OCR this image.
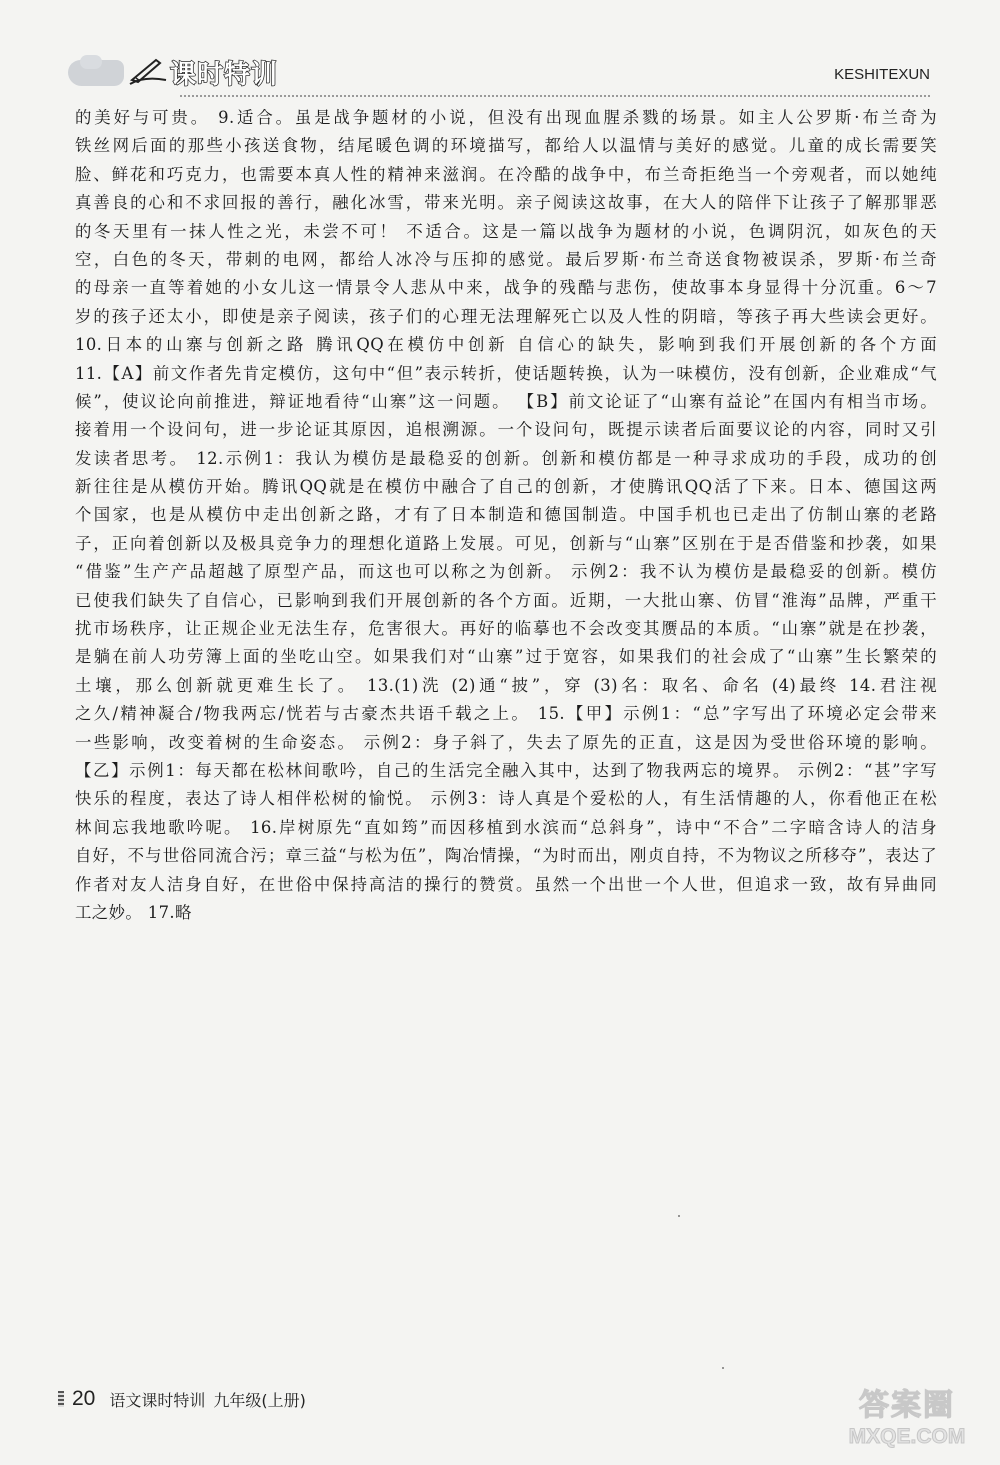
课时特训	KESHITEXUN
的美好与可贵。 9.适合。虽是战争题材的小说，但没有出现血腥杀戮的场景。如主人公罗斯·布兰奇为
铁丝网后面的那些小孩送食物，结尾暖色调的环境描写，都给人以温情与美好的感觉。儿童的成长需要笑
脸、鲜花和巧克力，也需要本真人性的精神来滋润。在冷酷的战争中，布兰奇拒绝当一个旁观者，而以她纯
真善良的心和不求回报的善行，融化冰雪，带来光明。亲子阅读这故事，在大人的陪伴下让孩子了解那罪恶
的冬天里有一抹人性之光，未尝不可！ 不适合。这是一篇以战争为题材的小说，色调阴沉，如灰色的天
空，白色的冬天，带刺的电网，都给人冰冷与压抑的感觉。最后罗斯·布兰奇送食物被误杀，罗斯·布兰奇
的母亲一直等着她的小女儿这一情景令人悲从中来，战争的残酷与悲伤，使故事本身显得十分沉重。6～7
岁的孩子还太小，即使是亲子阅读，孩子们的心理无法理解死亡以及人性的阴暗，等孩子再大些读会更好。
10.日本的山寨与创新之路 腾讯QQ在模仿中创新 自信心的缺失，影响到我们开展创新的各个方面
11.【A】前文作者先肯定模仿，这句中“但”表示转折，使话题转换，认为一味模仿，没有创新，企业难成“气
候”，使议论向前推进，辩证地看待“山寨”这一问题。 【B】前文论证了“山寨有益论”在国内有相当市场。
接着用一个设问句，进一步论证其原因，追根溯源。一个设问句，既提示读者后面要议论的内容，同时又引
发读者思考。 12.示例1：我认为模仿是最稳妥的创新。创新和模仿都是一种寻求成功的手段，成功的创
新往往是从模仿开始。腾讯QQ就是在模仿中融合了自己的创新，才使腾讯QQ活了下来。日本、德国这两
个国家，也是从模仿中走出创新之路，才有了日本制造和德国制造。中国手机也已走出了仿制山寨的老路
子，正向着创新以及极具竞争力的理想化道路上发展。可见，创新与“山寨”区别在于是否借鉴和抄袭，如果
“借鉴”生产产品超越了原型产品，而这也可以称之为创新。 示例2：我不认为模仿是最稳妥的创新。模仿
已使我们缺失了自信心，已影响到我们开展创新的各个方面。近期，一大批山寨、仿冒“淮海”品牌，严重干
扰市场秩序，让正规企业无法生存，危害很大。再好的临摹也不会改变其赝品的本质。“山寨”就是在抄袭，
是躺在前人功劳簿上面的坐吃山空。如果我们对“山寨”过于宽容，如果我们的社会成了“山寨”生长繁荣的
土壤，那么创新就更难生长了。 13.(1)洗 (2)通“披”，穿 (3)名：取名、命名 (4)最终 14.君注视
之久/精神凝合/物我两忘/恍若与古豪杰共语千载之上。 15.【甲】示例1：“总”字写出了环境必定会带来
一些影响，改变着树的生命姿态。 示例2：身子斜了，失去了原先的正直，这是因为受世俗环境的影响。
【乙】示例1：每天都在松林间歌吟，自己的生活完全融入其中，达到了物我两忘的境界。 示例2：“甚”字写
快乐的程度，表达了诗人相伴松树的愉悦。 示例3：诗人真是个爱松的人，有生活情趣的人，你看他正在松
林间忘我地歌吟呢。 16.岸树原先“直如筠”而因移植到水滨而“总斜身”，诗中“不合”二字暗含诗人的洁身
自好，不与世俗同流合污；章三益“与松为伍”，陶冶情操，“为时而出，刚贞自持，不为物议之所移夺”，表达了
作者对友人洁身自好，在世俗中保持高洁的操行的赞赏。虽然一个出世一个人世，但追求一致，故有异曲同
工之妙。 17.略
20 语文课时特训 九年级(上册)	答案圈
MXQE.COM
